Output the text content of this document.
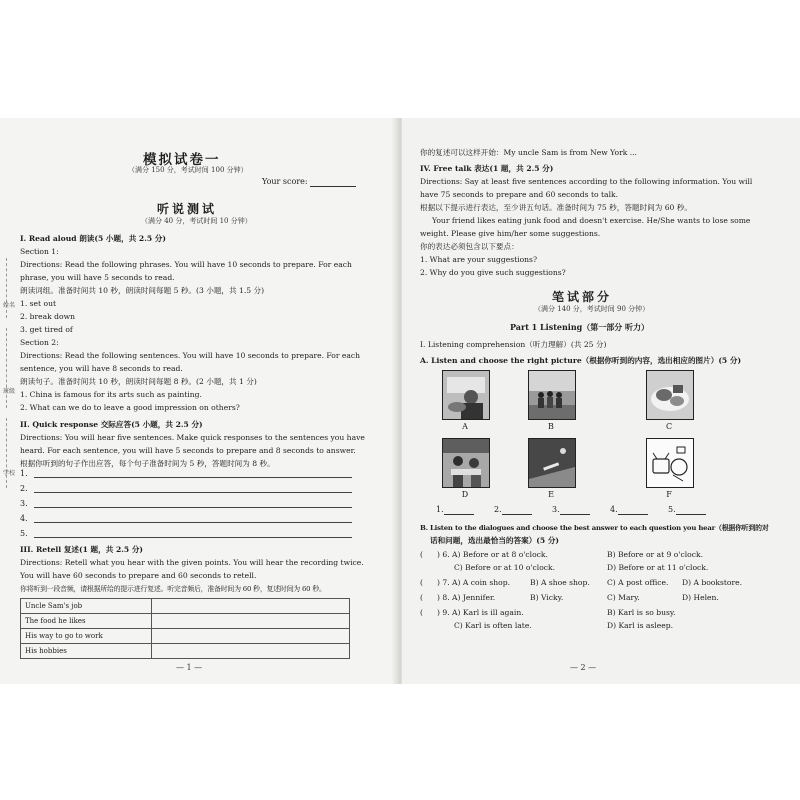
姓名
班级
学校
模拟试卷一
（满分 150 分，考试时间 100 分钟）
Your score:
听说测试
（满分 40 分，考试时间 10 分钟）
I. Read aloud 朗读(5 小题，共 2.5 分)
Section 1:
Directions: Read the following phrases. You will have 10 seconds to prepare. For each
phrase, you will have 5 seconds to read.
朗读词组。准备时间共 10 秒，朗读时间每题 5 秒。(3 小题，共 1.5 分)
1. set out
2. break down
3. get tired of
Section 2:
Directions: Read the following sentences. You will have 10 seconds to prepare. For each
sentence, you will have 8 seconds to read.
朗读句子。准备时间共 10 秒，朗读时间每题 8 秒。(2 小题，共 1 分)
1. China is famous for its arts such as painting.
2. What can we do to leave a good impression on others?
II. Quick response 交际应答(5 小题，共 2.5 分)
Directions: You will hear five sentences. Make quick responses to the sentences you have
heard. For each sentence, you will have 5 seconds to prepare and 8 seconds to answer.
根据你听到的句子作出应答，每个句子准备时间为 5 秒，答题时间为 8 秒。
1.
2.
3.
4.
5.
III. Retell 复述(1 题，共 2.5 分)
Directions: Retell what you hear with the given points. You will hear the recording twice.
You will have 60 seconds to prepare and 60 seconds to retell.
你将听到一段音频，请根据所给的提示进行复述。听完音频后，准备时间为 60 秒，复述时间为 60 秒。
Uncle Sam's job	
The food he likes	
His way to go to work	
His hobbies	
— 1 —
你的复述可以这样开始：My uncle Sam is from New York ...
IV. Free talk 表达(1 题，共 2.5 分)
Directions: Say at least five sentences according to the following information. You will
have 75 seconds to prepare and 60 seconds to talk.
根据以下提示进行表达，至少讲五句话。准备时间为 75 秒，答题时间为 60 秒。
Your friend likes eating junk food and doesn't exercise. He/She wants to lose some
weight. Please give him/her some suggestions.
你的表达必须包含以下要点：
1. What are your suggestions?
2. Why do you give such suggestions?
笔试部分
（满分 140 分，考试时间 90 分钟）
Part 1 Listening（第一部分 听力）
I. Listening comprehension（听力理解）(共 25 分)
A. Listen and choose the right picture（根据你听到的内容，选出相应的图片）(5 分)
A	B	C
D	E	F
1.	2.	3.	4.	5.
B. Listen to the dialogues and choose the best answer to each question you hear（根据你听到的对
话和问题，选出最恰当的答案）(5 分)
( ) 6. A) Before or at 8 o'clock.	B) Before or at 9 o'clock.
C) Before or at 10 o'clock.	D) Before or at 11 o'clock.
( ) 7. A) A coin shop.	B) A shoe shop. C) A post office. D) A bookstore.
( ) 8. A) Jennifer.	B) Vicky.	C) Mary.	D) Helen.
( ) 9. A) Karl is ill again.	B) Karl is so busy.
C) Karl is often late.	D) Karl is asleep.
— 2 —
